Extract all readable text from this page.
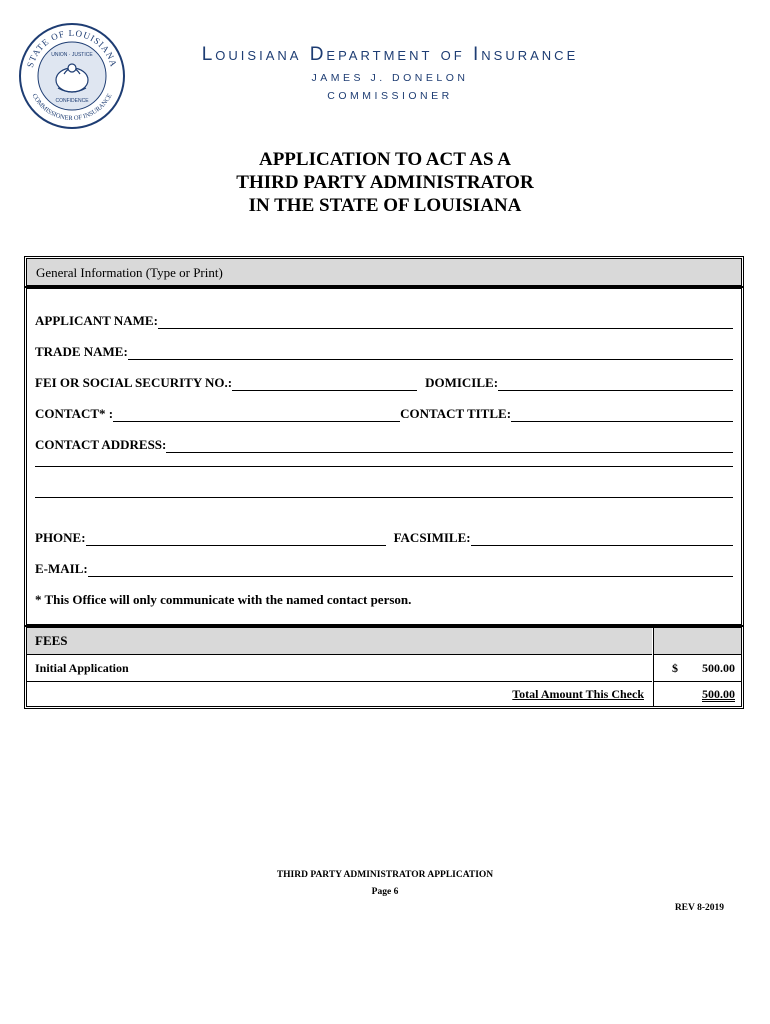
STATE OF LOUISIANA
COMMISSIONER OF INSURANCE
UNION · JUSTICE
CONFIDENCE
Louisiana Department of Insurance
JAMES J. DONELON
COMMISSIONER
APPLICATION TO ACT AS A
THIRD PARTY ADMINISTRATOR
IN THE STATE OF LOUISIANA
General Information (Type or Print)
APPLICANT NAME:
TRADE NAME:
FEI OR SOCIAL SECURITY NO.:	DOMICILE:
CONTACT* :	CONTACT TITLE:
CONTACT ADDRESS:
PHONE:	FACSIMILE:
E-MAIL:
* This Office will only communicate with the named contact person.
FEES
Initial Application	$ 500.00
Total Amount This Check	500.00
THIRD PARTY ADMINISTRATOR APPLICATION
Page 6
REV 8-2019
